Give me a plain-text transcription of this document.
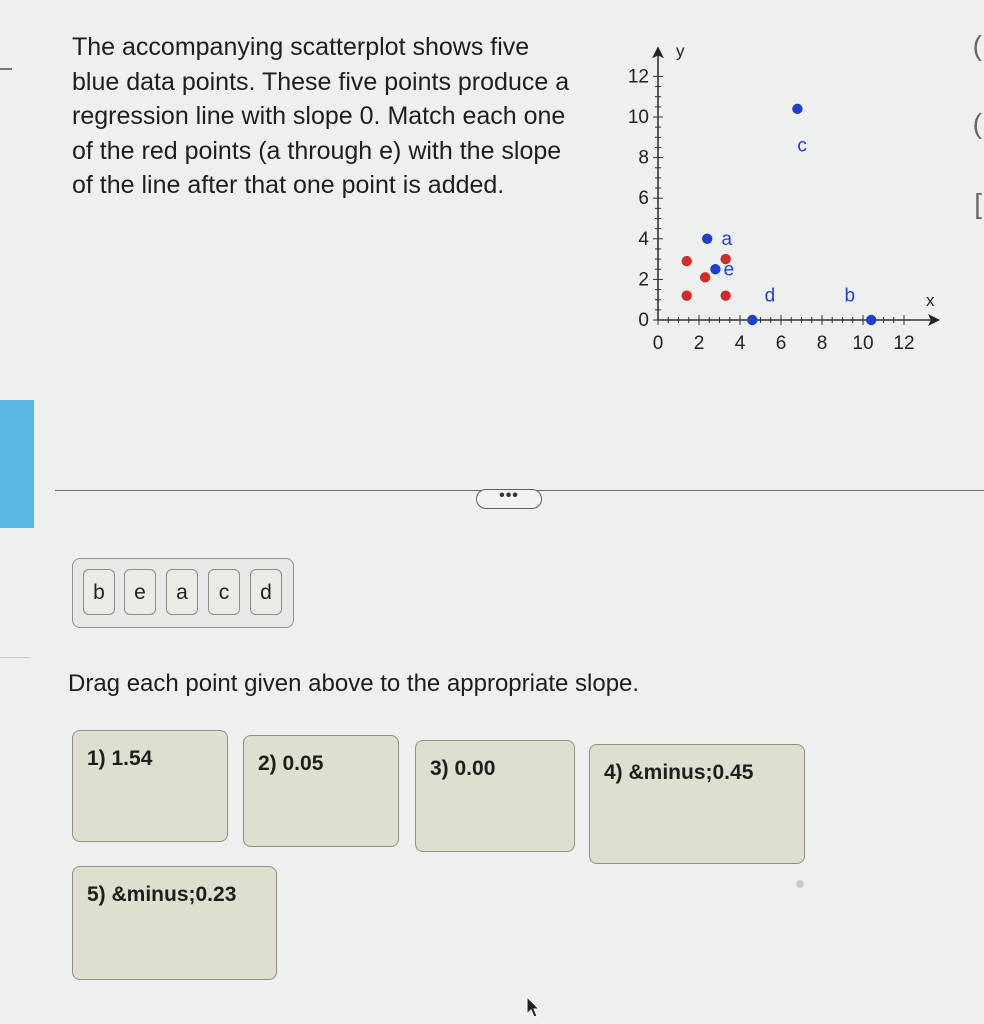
The accompanying scatterplot shows five
blue data points. These five points produce a
regression line with slope 0. Match each one
of the red points (a through e) with the slope
of the line after that one point is added.
x
y
0 2 4 6 8 10 12
0
2
4
6
8
10
12
a
e
d
c
b
•••
b	e	a	c	d
Drag each point given above to the appropriate slope.
1) 1.54	2) 0.05	3) 0.00	4) &minus;0.45
5) &minus;0.23
(
(
[
